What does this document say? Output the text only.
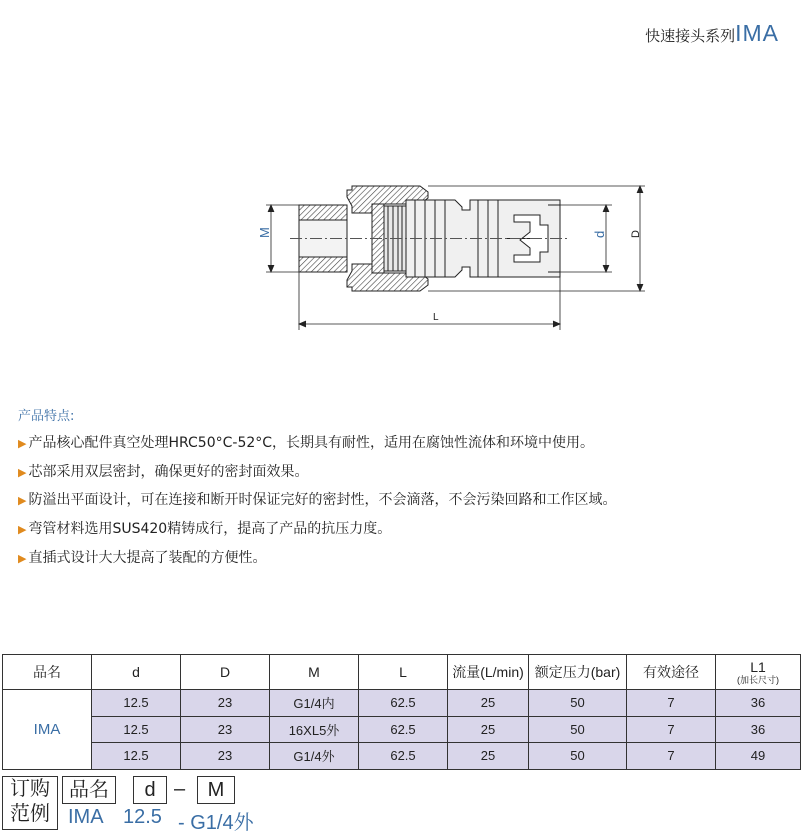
快速接头系列IMA
M	d D
L
产品特点:
▶ 产品核心配件真空处理HRC50°C-52°C，长期具有耐性，适用在腐蚀性流体和环境中使用。
▶ 芯部采用双层密封，确保更好的密封面效果。
▶ 防溢出平面设计，可在连接和断开时保证完好的密封性，不会滴落，不会污染回路和工作区域。
▶ 弯管材料选用SUS420精铸成行，提高了产品的抗压力度。
▶ 直插式设计大大提高了装配的方便性。
品名	d	D	M	L	流量(L/min)	额定压力(bar)	有效途径	L1
(加长尺寸)

IMA	12.5	23	G1/4内	62.5	25	50	7	36
	12.5	23	16XL5外	62.5	25	50	7	36
	12.5	23	G1/4外	62.5	25	50	7	49
订购
范例
品名	d –	M
IMA 12.5 - G1/4外
